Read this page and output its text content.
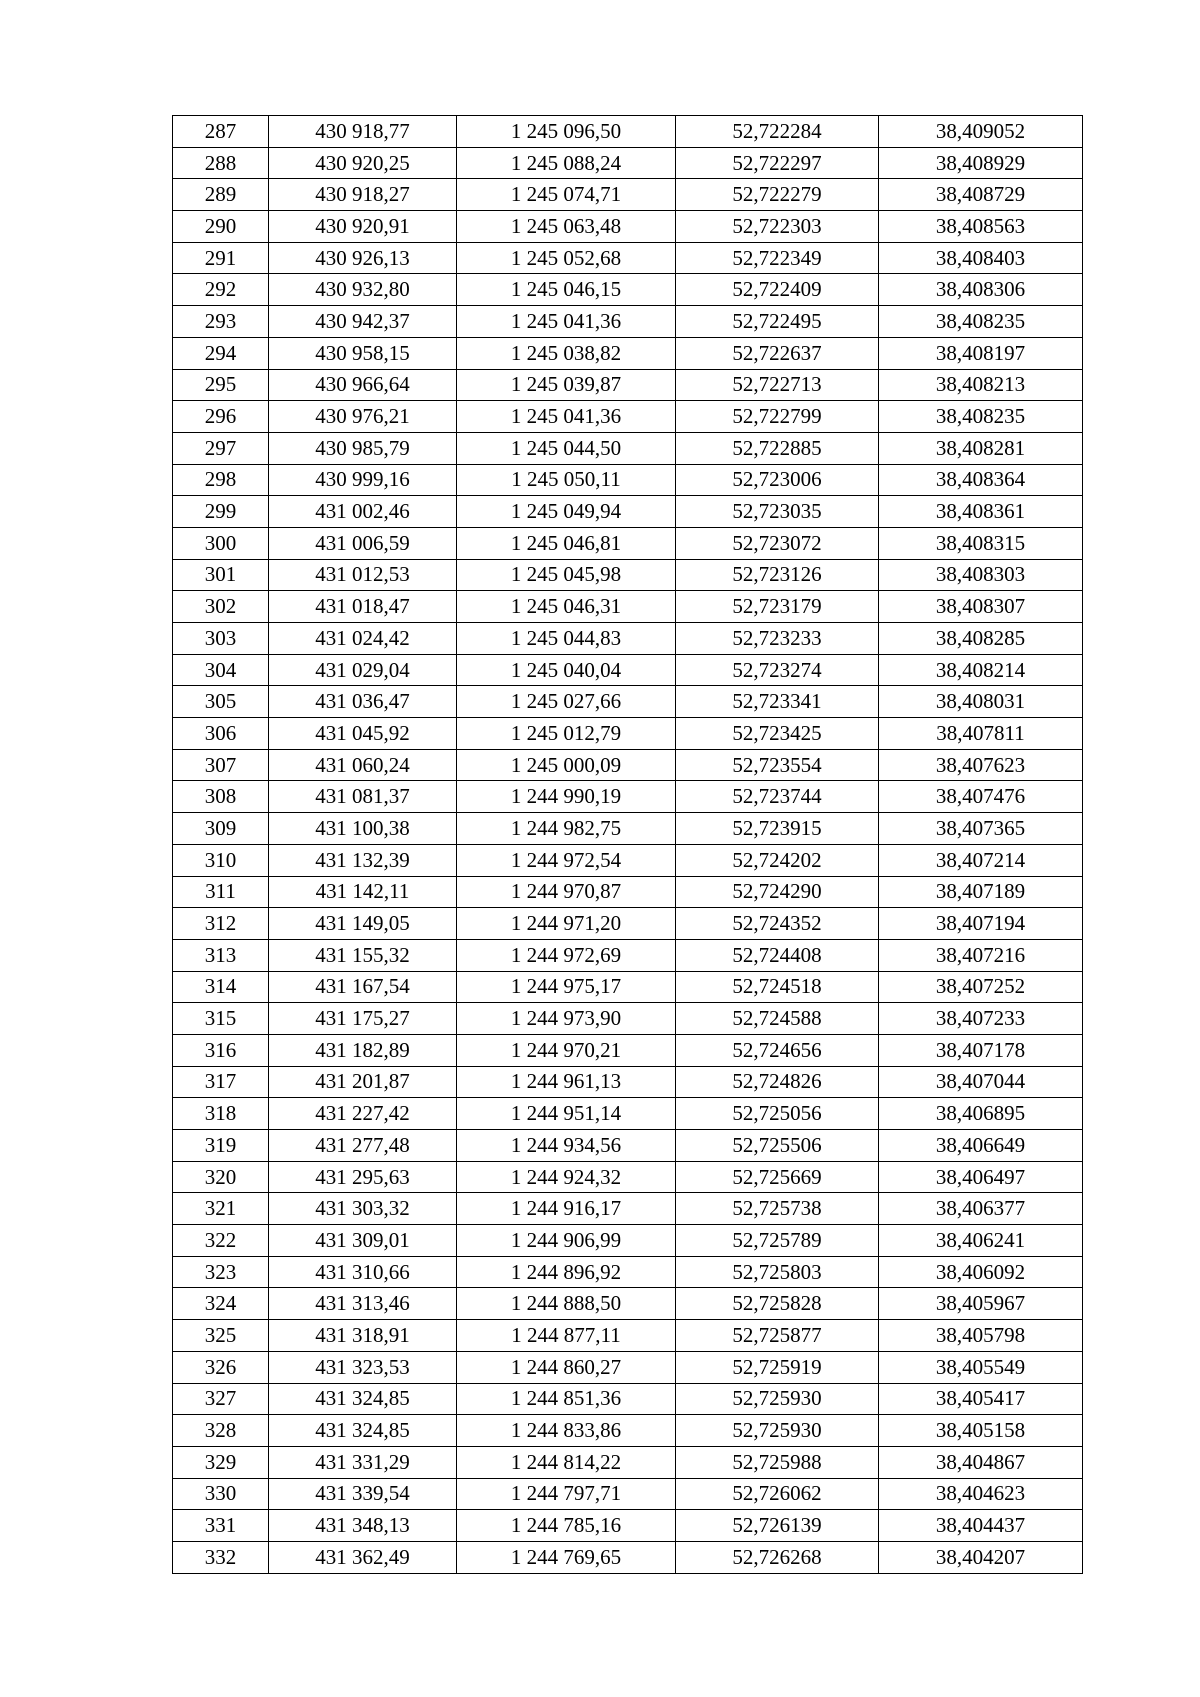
287	430 918,77	1 245 096,50	52,722284	38,409052
288	430 920,25	1 245 088,24	52,722297	38,408929
289	430 918,27	1 245 074,71	52,722279	38,408729
290	430 920,91	1 245 063,48	52,722303	38,408563
291	430 926,13	1 245 052,68	52,722349	38,408403
292	430 932,80	1 245 046,15	52,722409	38,408306
293	430 942,37	1 245 041,36	52,722495	38,408235
294	430 958,15	1 245 038,82	52,722637	38,408197
295	430 966,64	1 245 039,87	52,722713	38,408213
296	430 976,21	1 245 041,36	52,722799	38,408235
297	430 985,79	1 245 044,50	52,722885	38,408281
298	430 999,16	1 245 050,11	52,723006	38,408364
299	431 002,46	1 245 049,94	52,723035	38,408361
300	431 006,59	1 245 046,81	52,723072	38,408315
301	431 012,53	1 245 045,98	52,723126	38,408303
302	431 018,47	1 245 046,31	52,723179	38,408307
303	431 024,42	1 245 044,83	52,723233	38,408285
304	431 029,04	1 245 040,04	52,723274	38,408214
305	431 036,47	1 245 027,66	52,723341	38,408031
306	431 045,92	1 245 012,79	52,723425	38,407811
307	431 060,24	1 245 000,09	52,723554	38,407623
308	431 081,37	1 244 990,19	52,723744	38,407476
309	431 100,38	1 244 982,75	52,723915	38,407365
310	431 132,39	1 244 972,54	52,724202	38,407214
311	431 142,11	1 244 970,87	52,724290	38,407189
312	431 149,05	1 244 971,20	52,724352	38,407194
313	431 155,32	1 244 972,69	52,724408	38,407216
314	431 167,54	1 244 975,17	52,724518	38,407252
315	431 175,27	1 244 973,90	52,724588	38,407233
316	431 182,89	1 244 970,21	52,724656	38,407178
317	431 201,87	1 244 961,13	52,724826	38,407044
318	431 227,42	1 244 951,14	52,725056	38,406895
319	431 277,48	1 244 934,56	52,725506	38,406649
320	431 295,63	1 244 924,32	52,725669	38,406497
321	431 303,32	1 244 916,17	52,725738	38,406377
322	431 309,01	1 244 906,99	52,725789	38,406241
323	431 310,66	1 244 896,92	52,725803	38,406092
324	431 313,46	1 244 888,50	52,725828	38,405967
325	431 318,91	1 244 877,11	52,725877	38,405798
326	431 323,53	1 244 860,27	52,725919	38,405549
327	431 324,85	1 244 851,36	52,725930	38,405417
328	431 324,85	1 244 833,86	52,725930	38,405158
329	431 331,29	1 244 814,22	52,725988	38,404867
330	431 339,54	1 244 797,71	52,726062	38,404623
331	431 348,13	1 244 785,16	52,726139	38,404437
332	431 362,49	1 244 769,65	52,726268	38,404207
